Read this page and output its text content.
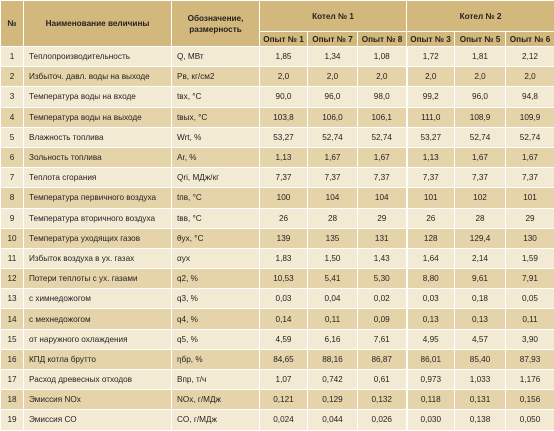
№	Наименование величины	Обозначение, размерность	Котел № 1			Котел № 2		
			Опыт № 1	Опыт № 7	Опыт № 8	Опыт № 3	Опыт № 5	Опыт № 6
1	Теплопроизводительность	Q, МВт	1,85	1,34	1,08	1,72	1,81	2,12
2	Избыточ. давл. воды на выходе	Pв, кг/см2	2,0	2,0	2,0	2,0	2,0	2,0
3	Температура воды на входе	tвх, °С	90,0	96,0	98,0	99,2	96,0	94,8
4	Температура воды на выходе	tвых, °С	103,8	106,0	106,1	111,0	108,9	109,9
5	Влажность топлива	Wrt, %	53,27	52,74	52,74	53,27	52,74	52,74
6	Зольность топлива	Ar, %	1,13	1,67	1,67	1,13	1,67	1,67
7	Теплота сгорания	Qri, МДж/кг	7,37	7,37	7,37	7,37	7,37	7,37
8	Температура первичного воздуха	tпв, °С	100	104	104	101	102	101
9	Температура вторичного воздуха	tвв, °С	26	28	29	26	28	29
10	Температура уходящих газов	θух, °С	139	135	131	128	129,4	130
11	Избыток воздуха в ух. газах	αух	1,83	1,50	1,43	1,64	2,14	1,59
12	Потери теплоты с ух. газами	q2, %	10,53	5,41	5,30	8,80	9,61	7,91
13	с химнедожогом	q3, %	0,03	0,04	0,02	0,03	0,18	0,05
14	с мехнедожогом	q4, %	0,14	0,11	0,09	0,13	0,13	0,11
15	от наружного охлаждения	q5, %	4,59	6,16	7,61	4,95	4,57	3,90
16	КПД котла брутто	ηбр, %	84,65	88,16	86,87	86,01	85,40	87,93
17	Расход древесных отходов	Впр, т/ч	1,07	0,742	0,61	0,973	1,033	1,176
18	Эмиссия NOx	NOx, г/МДж	0,121	0,129	0,132	0,118	0,131	0,156
19	Эмиссия СО	CO, г/МДж	0,024	0,044	0,026	0,030	0,138	0,050
